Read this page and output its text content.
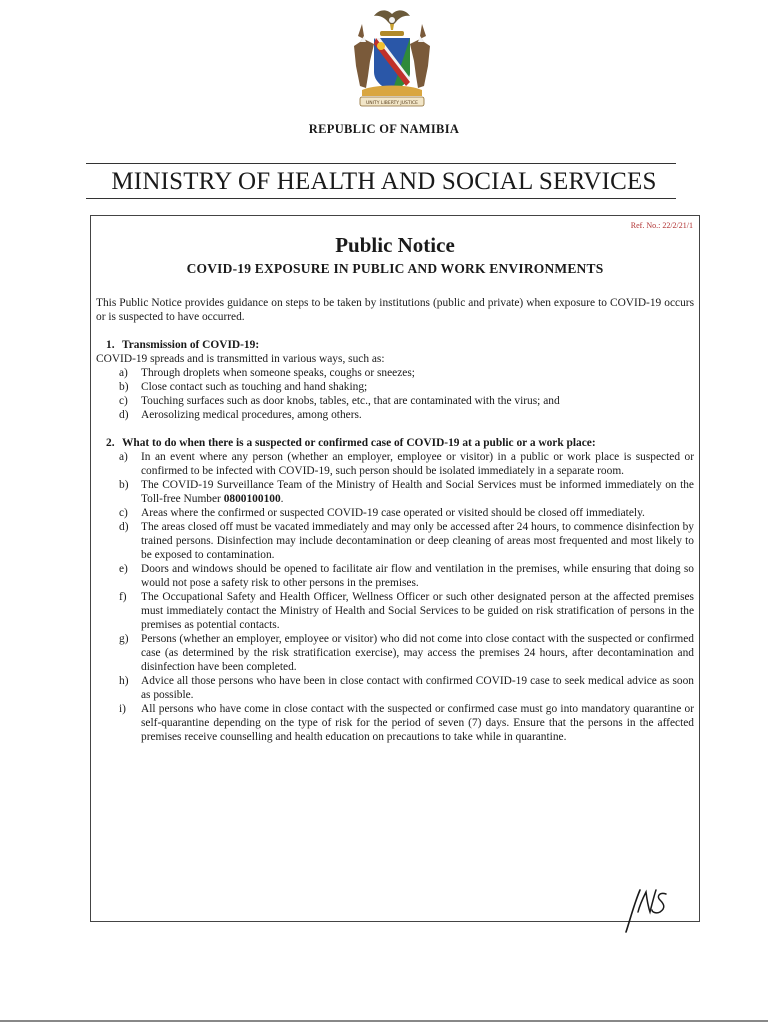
UNITY LIBERTY JUSTICE
REPUBLIC OF NAMIBIA
MINISTRY OF HEALTH AND SOCIAL SERVICES
Ref. No.: 22/2/21/1
Public Notice
COVID-19 EXPOSURE IN PUBLIC AND WORK ENVIRONMENTS

This Public Notice provides guidance on steps to be taken by institutions (public and private) when exposure to COVID-19 occurs or is suspected to have occurred.

1. Transmission of COVID-19:

COVID-19 spreads and is transmitted in various ways, such as:

a) Through droplets when someone speaks, coughs or sneezes;
b) Close contact such as touching and hand shaking;
c) Touching surfaces such as door knobs, tables, etc., that are contaminated with the virus; and
d) Aerosolizing medical procedures, among others.

2. What to do when there is a suspected or confirmed case of COVID-19 at a public or a work place:

a) In an event where any person (whether an employer, employee or visitor) in a public or work place is suspected or confirmed to be infected with COVID-19, such person should be isolated immediately in a separate room.
b) The COVID-19 Surveillance Team of the Ministry of Health and Social Services must be informed immediately on the Toll-free Number 0800100100.
c) Areas where the confirmed or suspected COVID-19 case operated or visited should be closed off immediately.
d) The areas closed off must be vacated immediately and may only be accessed after 24 hours, to commence disinfection by trained persons. Disinfection may include decontamination or deep cleaning of areas most frequented and most likely to be exposed to contamination.
e) Doors and windows should be opened to facilitate air flow and ventilation in the premises, while ensuring that doing so would not pose a safety risk to other persons in the premises.
f) The Occupational Safety and Health Officer, Wellness Officer or such other designated person at the affected premises must immediately contact the Ministry of Health and Social Services to be guided on risk stratification of persons in the premises as potential contacts.
g) Persons (whether an employer, employee or visitor) who did not come into close contact with the suspected or confirmed case (as determined by the risk stratification exercise), may access the premises 24 hours, after decontamination and disinfection have been completed.
h) Advice all those persons who have been in close contact with confirmed COVID-19 case to seek medical advice as soon as possible.
i) All persons who have come in close contact with the suspected or confirmed case must go into mandatory quarantine or self-quarantine depending on the type of risk for the period of seven (7) days. Ensure that the persons in the affected premises receive counselling and health education on precautions to take while in quarantine.
